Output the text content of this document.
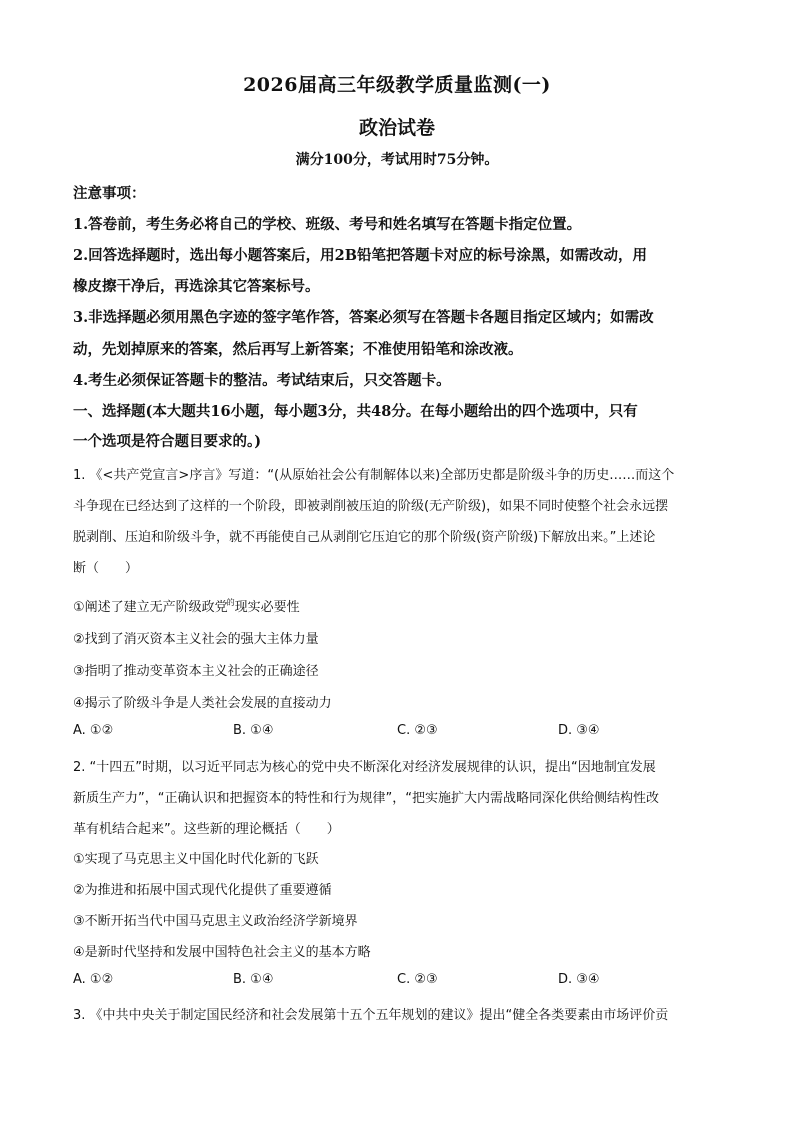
2026届高三年级教学质量监测(一)
政治试卷
满分100分，考试用时75分钟。
注意事项：
1.答卷前，考生务必将自己的学校、班级、考号和姓名填写在答题卡指定位置。
2.回答选择题时，选出每小题答案后，用2B铅笔把答题卡对应的标号涂黑，如需改动，用
橡皮擦干净后，再选涂其它答案标号。
3.非选择题必须用黑色字迹的签字笔作答，答案必须写在答题卡各题目指定区域内；如需改
动，先划掉原来的答案，然后再写上新答案；不准使用铅笔和涂改液。
4.考生必须保证答题卡的整洁。考试结束后，只交答题卡。
一、选择题(本大题共16小题，每小题3分，共48分。在每小题给出的四个选项中，只有
一个选项是符合题目要求的。)
1. 《<共产党宣言>序言》写道：“(从原始社会公有制解体以来)全部历史都是阶级斗争的历史……而这个
斗争现在已经达到了这样的一个阶段，即被剥削被压迫的阶级(无产阶级)，如果不同时使整个社会永远摆
脱剥削、压迫和阶级斗争，就不再能使自己从剥削它压迫它的那个阶级(资产阶级)下解放出来。”上述论
断（　　）
①阐述了建立无产阶级政党$^的$现实必要性
②找到了消灭资本主义社会的强大主体力量
③指明了推动变革资本主义社会的正确途径
④揭示了阶级斗争是人类社会发展的直接动力
A. ①②	B. ①④	C. ②③	D. ③④
2. “十四五”时期，以习近平同志为核心的党中央不断深化对经济发展规律的认识，提出“因地制宜发展
新质生产力”，“正确认识和把握资本的特性和行为规律”，“把实施扩大内需战略同深化供给侧结构性改
革有机结合起来”。这些新的理论概括（　　）
①实现了马克思主义中国化时代化新的飞跃
②为推进和拓展中国式现代化提供了重要遵循
③不断开拓当代中国马克思主义政治经济学新境界
④是新时代坚持和发展中国特色社会主义的基本方略
A. ①②	B. ①④	C. ②③	D. ③④
3. 《中共中央关于制定国民经济和社会发展第十五个五年规划的建议》提出“健全各类要素由市场评价贡
